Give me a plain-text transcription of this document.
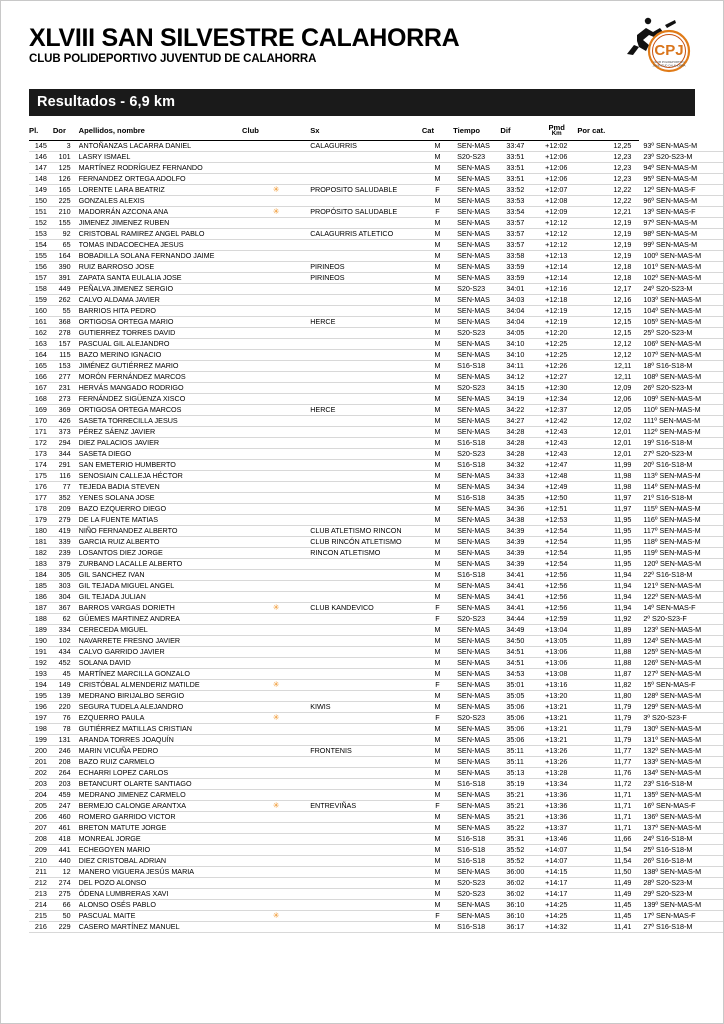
XLVIII SAN SILVESTRE CALAHORRA
CLUB POLIDEPORTIVO JUVENTUD DE CALAHORRA
CPJ
CLUB POLIDEPORTIVO
JUVENTUD CALAHORRA
Resultados - 6,9 km
Pl.	Dor	Apellidos, nombre	Club	Sx	Cat	Tiempo	Dif	Pmd
Km	Por cat.	
145	3	ANTOÑANZAS LACARRA DANIEL		CALAGURRIS	M	SEN-MAS	33:47	+12:02	12,25	93º SEN-MAS-M
146	101	LASRY ISMAEL			M	S20-S23	33:51	+12:06	12,23	23º S20-S23-M
147	125	MARTÍNEZ RODRÍGUEZ FERNANDO			M	SEN-MAS	33:51	+12:06	12,23	94º SEN-MAS-M
148	126	FERNANDEZ ORTEGA ADOLFO			M	SEN-MAS	33:51	+12:06	12,23	95º SEN-MAS-M
149	165	LORENTE LARA BEATRIZ	✳	PROPOSITO SALUDABLE	F	SEN-MAS	33:52	+12:07	12,22	12º SEN-MAS-F
150	225	GONZALES ALEXIS			M	SEN-MAS	33:53	+12:08	12,22	96º SEN-MAS-M
151	210	MADORRÁN AZCONA ANA	✳	PROPÓSITO SALUDABLE	F	SEN-MAS	33:54	+12:09	12,21	13º SEN-MAS-F
152	155	JIMENEZ JIMENEZ RUBEN			M	SEN-MAS	33:57	+12:12	12,19	97º SEN-MAS-M
153	92	CRISTOBAL RAMIREZ ANGEL PABLO		CALAGURRIS ATLETICO	M	SEN-MAS	33:57	+12:12	12,19	98º SEN-MAS-M
154	65	TOMAS INDACOECHEA JESUS			M	SEN-MAS	33:57	+12:12	12,19	99º SEN-MAS-M
155	164	BOBADILLA SOLANA FERNANDO JAIME			M	SEN-MAS	33:58	+12:13	12,19	100º SEN-MAS-M
156	390	RUIZ BARROSO JOSE		PIRINEOS	M	SEN-MAS	33:59	+12:14	12,18	101º SEN-MAS-M
157	391	ZAPATA SANTA EULALIA JOSE		PIRINEOS	M	SEN-MAS	33:59	+12:14	12,18	102º SEN-MAS-M
158	449	PEÑALVA JIMENEZ SERGIO			M	S20-S23	34:01	+12:16	12,17	24º S20-S23-M
159	262	CALVO ALDAMA JAVIER			M	SEN-MAS	34:03	+12:18	12,16	103º SEN-MAS-M
160	55	BARRIOS HITA PEDRO			M	SEN-MAS	34:04	+12:19	12,15	104º SEN-MAS-M
161	368	ORTIGOSA ORTEGA MARIO		HERCE	M	SEN-MAS	34:04	+12:19	12,15	105º SEN-MAS-M
162	278	GUTIERREZ TORRES DAVID			M	S20-S23	34:05	+12:20	12,15	25º S20-S23-M
163	157	PASCUAL GIL ALEJANDRO			M	SEN-MAS	34:10	+12:25	12,12	106º SEN-MAS-M
164	115	BAZO MERINO IGNACIO			M	SEN-MAS	34:10	+12:25	12,12	107º SEN-MAS-M
165	153	JIMÉNEZ GUTIÉRREZ MARIO			M	S16-S18	34:11	+12:26	12,11	18º S16-S18-M
166	277	MORÓN FERNÁNDEZ MARCOS			M	SEN-MAS	34:12	+12:27	12,11	108º SEN-MAS-M
167	231	HERVÁS MANGADO RODRIGO			M	S20-S23	34:15	+12:30	12,09	26º S20-S23-M
168	273	FERNÁNDEZ SIGÜENZA XISCO			M	SEN-MAS	34:19	+12:34	12,06	109º SEN-MAS-M
169	369	ORTIGOSA ORTEGA MARCOS		HERCE	M	SEN-MAS	34:22	+12:37	12,05	110º SEN-MAS-M
170	426	SASETA TORRECILLA JESUS			M	SEN-MAS	34:27	+12:42	12,02	111º SEN-MAS-M
171	373	PÉREZ SÁENZ JAVIER			M	SEN-MAS	34:28	+12:43	12,01	112º SEN-MAS-M
172	294	DIEZ PALACIOS JAVIER			M	S16-S18	34:28	+12:43	12,01	19º S16-S18-M
173	344	SASETA DIEGO			M	S20-S23	34:28	+12:43	12,01	27º S20-S23-M
174	291	SAN EMETERIO HUMBERTO			M	S16-S18	34:32	+12:47	11,99	20º S16-S18-M
175	116	SENOSIAIN CALLEJA HÉCTOR			M	SEN-MAS	34:33	+12:48	11,98	113º SEN-MAS-M
176	77	TEJEDA BADIA STEVEN			M	SEN-MAS	34:34	+12:49	11,98	114º SEN-MAS-M
177	352	YENES SOLANA JOSE			M	S16-S18	34:35	+12:50	11,97	21º S16-S18-M
178	209	BAZO EZQUERRO DIEGO			M	SEN-MAS	34:36	+12:51	11,97	115º SEN-MAS-M
179	279	DE LA FUENTE MATIAS			M	SEN-MAS	34:38	+12:53	11,95	116º SEN-MAS-M
180	419	NIÑO FERNANDEZ ALBERTO		CLUB ATLETISMO RINCON	M	SEN-MAS	34:39	+12:54	11,95	117º SEN-MAS-M
181	339	GARCIA RUIZ ALBERTO		CLUB RINCÓN ATLETISMO	M	SEN-MAS	34:39	+12:54	11,95	118º SEN-MAS-M
182	239	LOSANTOS DIEZ JORGE		RINCON ATLETISMO	M	SEN-MAS	34:39	+12:54	11,95	119º SEN-MAS-M
183	379	ZURBANO LACALLE ALBERTO			M	SEN-MAS	34:39	+12:54	11,95	120º SEN-MAS-M
184	305	GIL SANCHEZ IVAN			M	S16-S18	34:41	+12:56	11,94	22º S16-S18-M
185	303	GIL TEJADA MIGUEL ANGEL			M	SEN-MAS	34:41	+12:56	11,94	121º SEN-MAS-M
186	304	GIL TEJADA JULIAN			M	SEN-MAS	34:41	+12:56	11,94	122º SEN-MAS-M
187	367	BARROS VARGAS DORIETH	✳	CLUB KANDEVICO	F	SEN-MAS	34:41	+12:56	11,94	14º SEN-MAS-F
188	62	GÜEMES MARTINEZ ANDREA			F	S20-S23	34:44	+12:59	11,92	2º S20-S23-F
189	334	CERECEDA MIGUEL			M	SEN-MAS	34:49	+13:04	11,89	123º SEN-MAS-M
190	102	NAVARRETE FRESNO JAVIER			M	SEN-MAS	34:50	+13:05	11,89	124º SEN-MAS-M
191	434	CALVO GARRIDO JAVIER			M	SEN-MAS	34:51	+13:06	11,88	125º SEN-MAS-M
192	452	SOLANA DAVID			M	SEN-MAS	34:51	+13:06	11,88	126º SEN-MAS-M
193	45	MARTÍNEZ MARCILLA GONZALO			M	SEN-MAS	34:53	+13:08	11,87	127º SEN-MAS-M
194	149	CRISTÓBAL ALMENDERIZ MATILDE	✳		F	SEN-MAS	35:01	+13:16	11,82	15º SEN-MAS-F
195	139	MEDRANO BIRIJALBO SERGIO			M	SEN-MAS	35:05	+13:20	11,80	128º SEN-MAS-M
196	220	SEGURA TUDELA ALEJANDRO		KIWIS	M	SEN-MAS	35:06	+13:21	11,79	129º SEN-MAS-M
197	76	EZQUERRO PAULA	✳		F	S20-S23	35:06	+13:21	11,79	3º S20-S23-F
198	78	GUTIÉRREZ MATILLAS CRISTIAN			M	SEN-MAS	35:06	+13:21	11,79	130º SEN-MAS-M
199	131	ARANDA TORRES JOAQUÍN			M	SEN-MAS	35:06	+13:21	11,79	131º SEN-MAS-M
200	246	MARIN VICUÑA PEDRO		FRONTENIS	M	SEN-MAS	35:11	+13:26	11,77	132º SEN-MAS-M
201	208	BAZO RUIZ CARMELO			M	SEN-MAS	35:11	+13:26	11,77	133º SEN-MAS-M
202	264	ECHARRI LOPEZ CARLOS			M	SEN-MAS	35:13	+13:28	11,76	134º SEN-MAS-M
203	203	BETANCURT OLARTE SANTIAGO			M	S16-S18	35:19	+13:34	11,72	23º S16-S18-M
204	459	MEDRANO JIMENEZ CARMELO			M	SEN-MAS	35:21	+13:36	11,71	135º SEN-MAS-M
205	247	BERMEJO CALONGE ARANTXA	✳	ENTREVIÑAS	F	SEN-MAS	35:21	+13:36	11,71	16º SEN-MAS-F
206	460	ROMERO GARRIDO VICTOR			M	SEN-MAS	35:21	+13:36	11,71	136º SEN-MAS-M
207	461	BRETON MATUTE JORGE			M	SEN-MAS	35:22	+13:37	11,71	137º SEN-MAS-M
208	418	MONREAL JORGE			M	S16-S18	35:31	+13:46	11,66	24º S16-S18-M
209	441	ECHEGOYEN MARIO			M	S16-S18	35:52	+14:07	11,54	25º S16-S18-M
210	440	DIEZ CRISTOBAL ADRIAN			M	S16-S18	35:52	+14:07	11,54	26º S16-S18-M
211	12	MANERO VIGUERA JESÚS MARIA			M	SEN-MAS	36:00	+14:15	11,50	138º SEN-MAS-M
212	274	DEL POZO ALONSO			M	S20-S23	36:02	+14:17	11,49	28º S20-S23-M
213	275	ÓDENA LUMBRERAS XAVI			M	S20-S23	36:02	+14:17	11,49	29º S20-S23-M
214	66	ALONSO OSÉS PABLO			M	SEN-MAS	36:10	+14:25	11,45	139º SEN-MAS-M
215	50	PASCUAL MAITE	✳		F	SEN-MAS	36:10	+14:25	11,45	17º SEN-MAS-F
216	229	CASERO MARTÍNEZ MANUEL			M	S16-S18	36:17	+14:32	11,41	27º S16-S18-M
